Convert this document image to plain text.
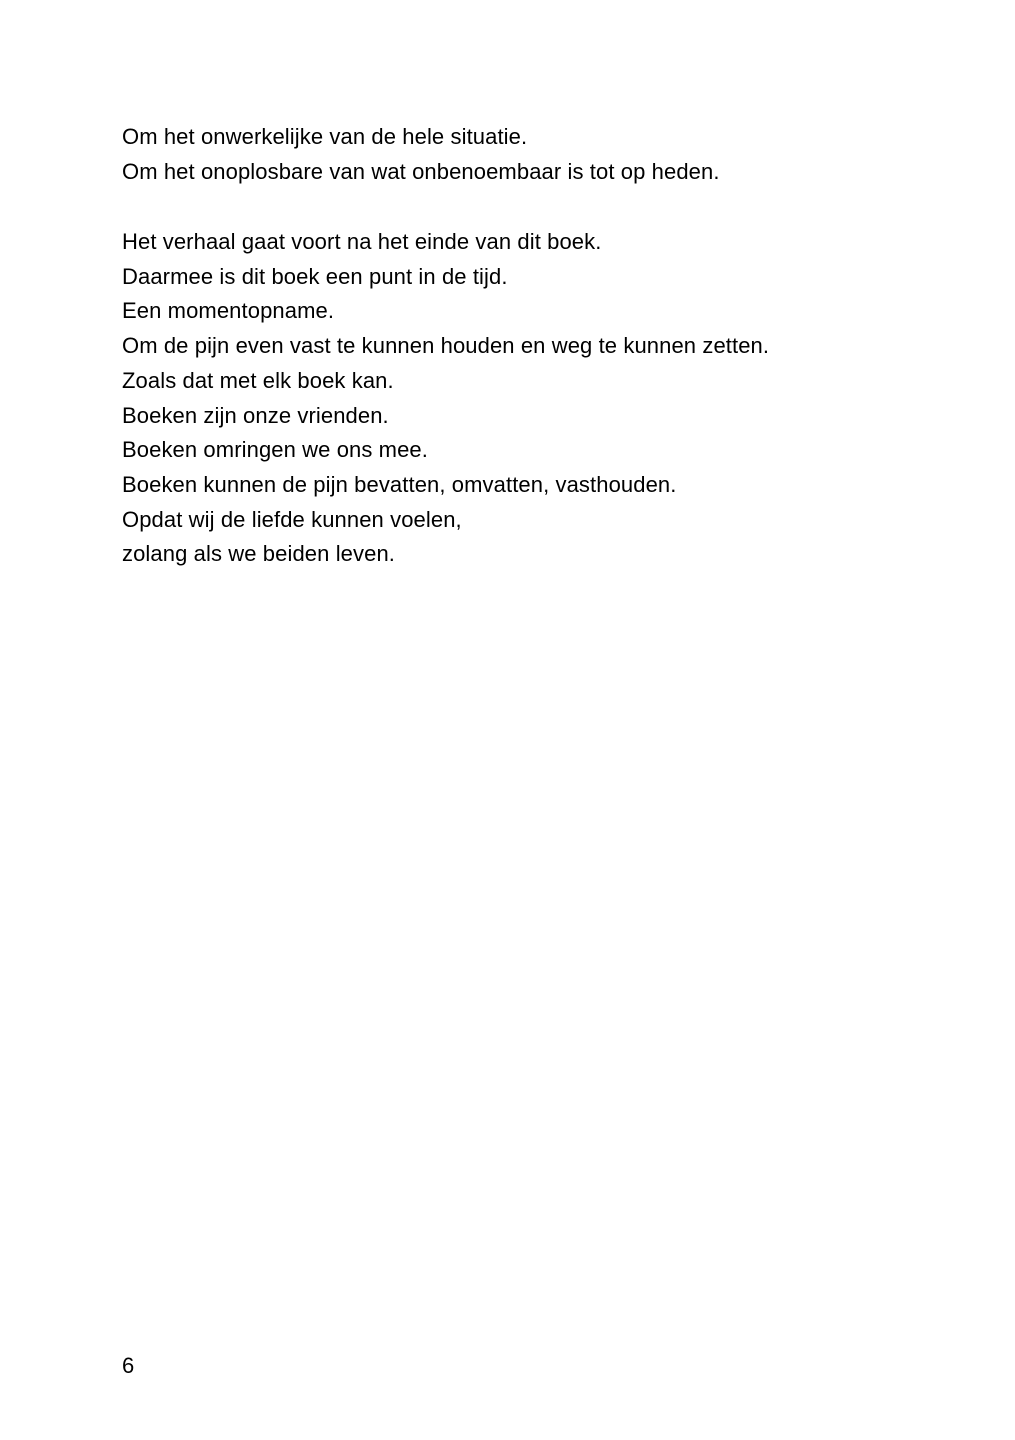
Om het onwerkelijke van de hele situatie.
Om het onoplosbare van wat onbenoembaar is tot op heden.
Het verhaal gaat voort na het einde van dit boek.
Daarmee is dit boek een punt in de tijd.
Een momentopname.
Om de pijn even vast te kunnen houden en weg te kunnen zetten.
Zoals dat met elk boek kan.
Boeken zijn onze vrienden.
Boeken omringen we ons mee.
Boeken kunnen de pijn bevatten, omvatten, vasthouden.
Opdat wij de liefde kunnen voelen,
zolang als we beiden leven.
6
